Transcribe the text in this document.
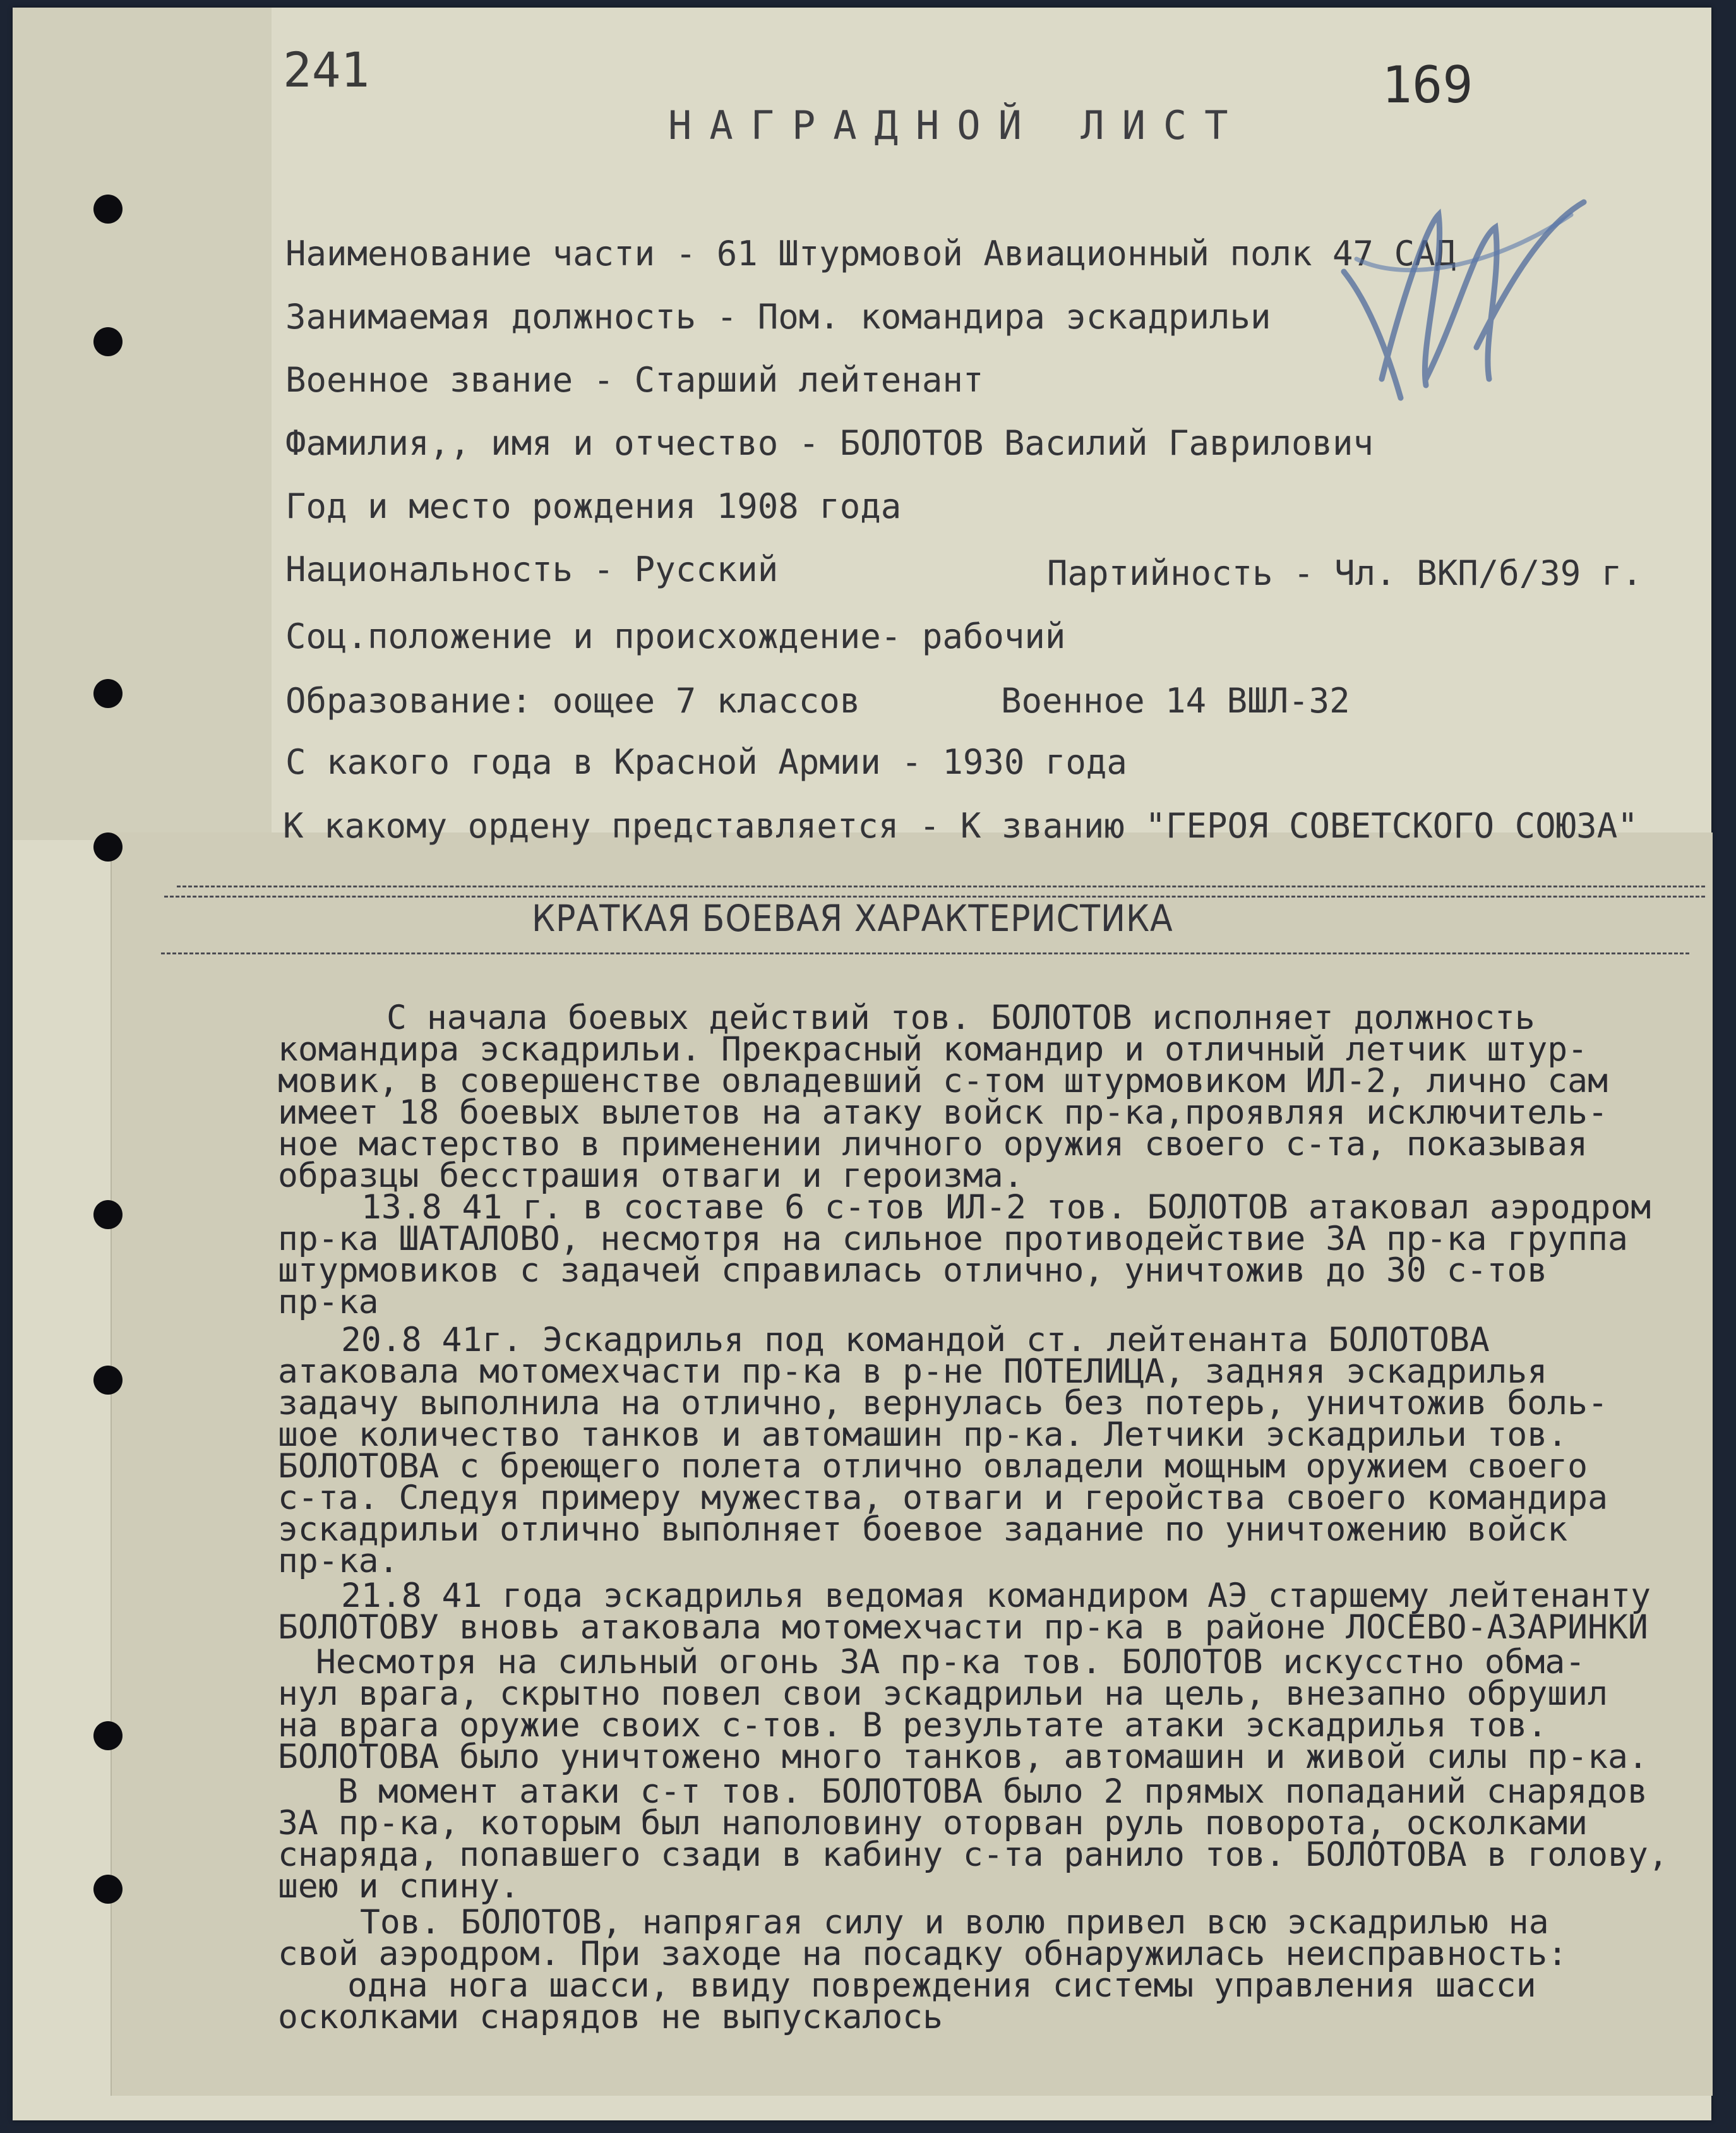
241	169
НАГРАДНОЙ ЛИСТ
Наименование части - 61 Штурмовой Авиационный полк 47 САД
Занимаемая должность - Пом. командира эскадрильи
Военное звание - Старший лейтенант
Фамилия,, имя и отчество - БОЛОТОВ Василий Гаврилович
Год и место рождения 1908 года
Национальность - Русский	Партийность - Чл. ВКП/б/39 г.
Соц.положение и происхождение- рабочий
Образование: оощее 7 классов	Военное 14 ВШЛ-32
С какого года в Красной Армии - 1930 года
К какому ордену представляется - К званию "ГЕРОЯ СОВЕТСКОГО СОЮЗА"
КРАТКАЯ БОЕВАЯ ХАРАКТЕРИСТИКА
С начала боевых действий тов. БОЛОТОВ исполняет должность
командира эскадрильи. Прекрасный командир и отличный летчик штур-
мовик, в совершенстве овладевший с-том штурмовиком ИЛ-2, лично сам
имеет 18 боевых вылетов на атаку войск пр-ка,проявляя исключитель-
ное мастерство в применении личного оружия своего с-та, показывая
образцы бесстрашия отваги и героизма.
13.8 41 г. в составе 6 с-тов ИЛ-2 тов. БОЛОТОВ атаковал аэродром
пр-ка ШАТАЛОВО, несмотря на сильное противодействие ЗА пр-ка группа
штурмовиков с задачей справилась отлично, уничтожив до 30 с-тов
пр-ка
20.8 41г. Эскадрилья под командой ст. лейтенанта БОЛОТОВА
атаковала мотомехчасти пр-ка в р-не ПОТЕЛИЦА, задняя эскадрилья
задачу выполнила на отлично, вернулась без потерь, уничтожив боль-
шое количество танков и автомашин пр-ка. Летчики эскадрильи тов.
БОЛОТОВА с бреющего полета отлично овладели мощным оружием своего
с-та. Следуя примеру мужества, отваги и геройства своего командира
эскадрильи отлично выполняет боевое задание по уничтожению войск
пр-ка.
21.8 41 года эскадрилья ведомая командиром АЭ старшему лейтенанту
БОЛОТОВУ вновь атаковала мотомехчасти пр-ка в районе ЛОСЕВО-АЗАРИНКИ
Несмотря на сильный огонь ЗА пр-ка тов. БОЛОТОВ искусстно обма-
нул врага, скрытно повел свои эскадрильи на цель, внезапно обрушил
на врага оружие своих с-тов. В результате атаки эскадрилья тов.
БОЛОТОВА было уничтожено много танков, автомашин и живой силы пр-ка.
В момент атаки с-т тов. БОЛОТОВА было 2 прямых попаданий снарядов
ЗА пр-ка, которым был наполовину оторван руль поворота, осколками
снаряда, попавшего сзади в кабину с-та ранило тов. БОЛОТОВА в голову,
шею и спину.
Тов. БОЛОТОВ, напрягая силу и волю привел всю эскадрилью на
свой аэродром. При заходе на посадку обнаружилась неисправность:
одна нога шасси, ввиду повреждения системы управления шасси
осколками снарядов не выпускалось
